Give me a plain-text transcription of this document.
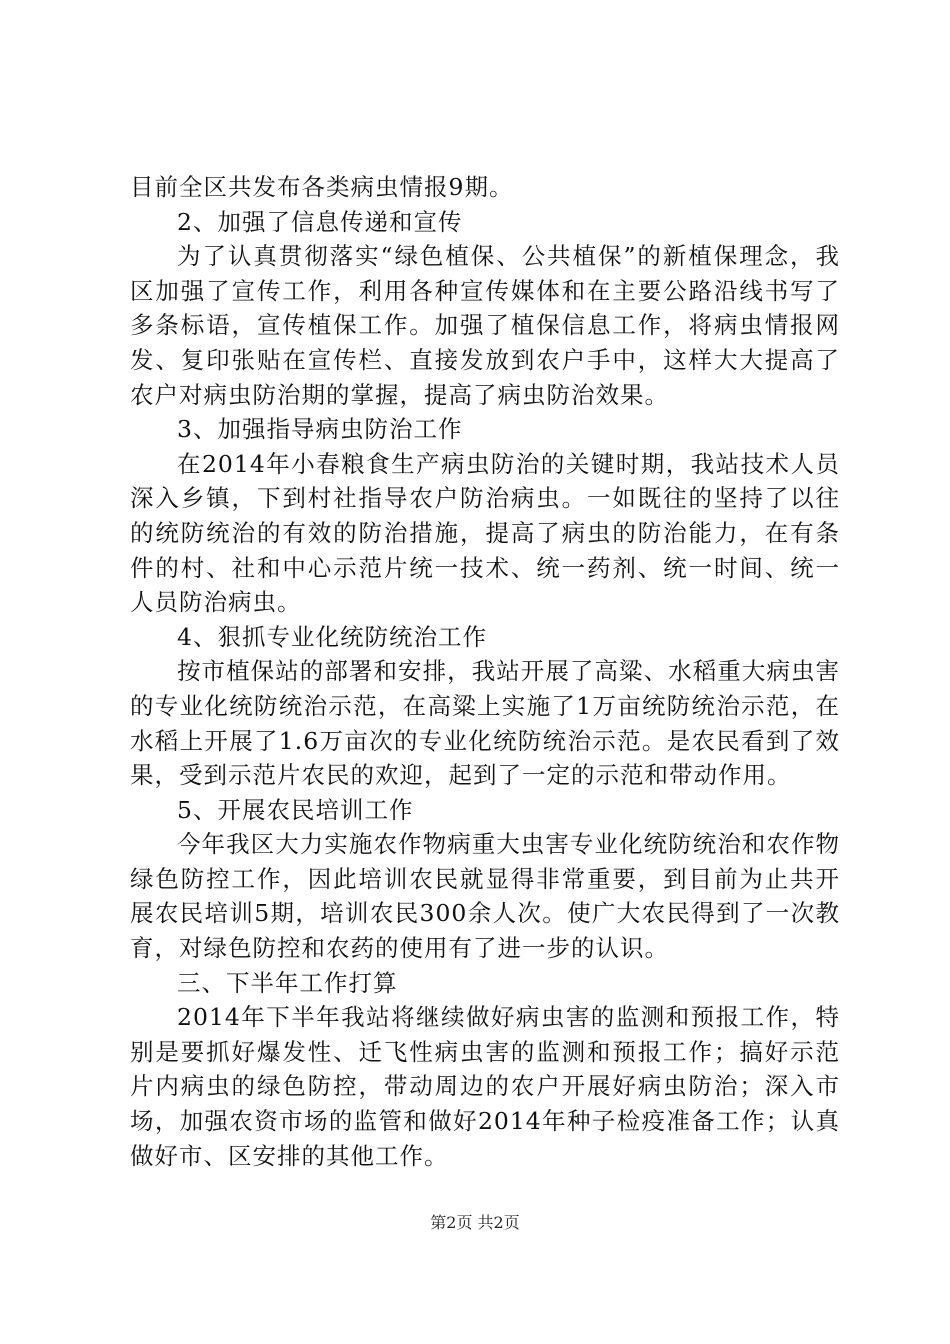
目前全区共发布各类病虫情报9期。

2、加强了信息传递和宣传

为了认真贯彻落实“绿色植保、公共植保”的新植保理念，我区加强了宣传工作，利用各种宣传媒体和在主要公路沿线书写了多条标语，宣传植保工作。加强了植保信息工作，将病虫情报网发、复印张贴在宣传栏、直接发放到农户手中，这样大大提高了农户对病虫防治期的掌握，提高了病虫防治效果。

3、加强指导病虫防治工作

在2014年小春粮食生产病虫防治的关键时期，我站技术人员深入乡镇，下到村社指导农户防治病虫。一如既往的坚持了以往的统防统治的有效的防治措施，提高了病虫的防治能力，在有条件的村、社和中心示范片统一技术、统一药剂、统一时间、统一人员防治病虫。

4、狠抓专业化统防统治工作

按市植保站的部署和安排，我站开展了高粱、水稻重大病虫害的专业化统防统治示范，在高粱上实施了1万亩统防统治示范，在水稻上开展了1.6万亩次的专业化统防统治示范。是农民看到了效果，受到示范片农民的欢迎，起到了一定的示范和带动作用。

5、开展农民培训工作

今年我区大力实施农作物病重大虫害专业化统防统治和农作物绿色防控工作，因此培训农民就显得非常重要，到目前为止共开展农民培训5期，培训农民300余人次。使广大农民得到了一次教育，对绿色防控和农药的使用有了进一步的认识。

三、下半年工作打算

2014年下半年我站将继续做好病虫害的监测和预报工作，特别是要抓好爆发性、迁飞性病虫害的监测和预报工作；搞好示范片内病虫的绿色防控，带动周边的农户开展好病虫防治；深入市场，加强农资市场的监管和做好2014年种子检疫准备工作；认真做好市、区安排的其他工作。

第2页 共2页
